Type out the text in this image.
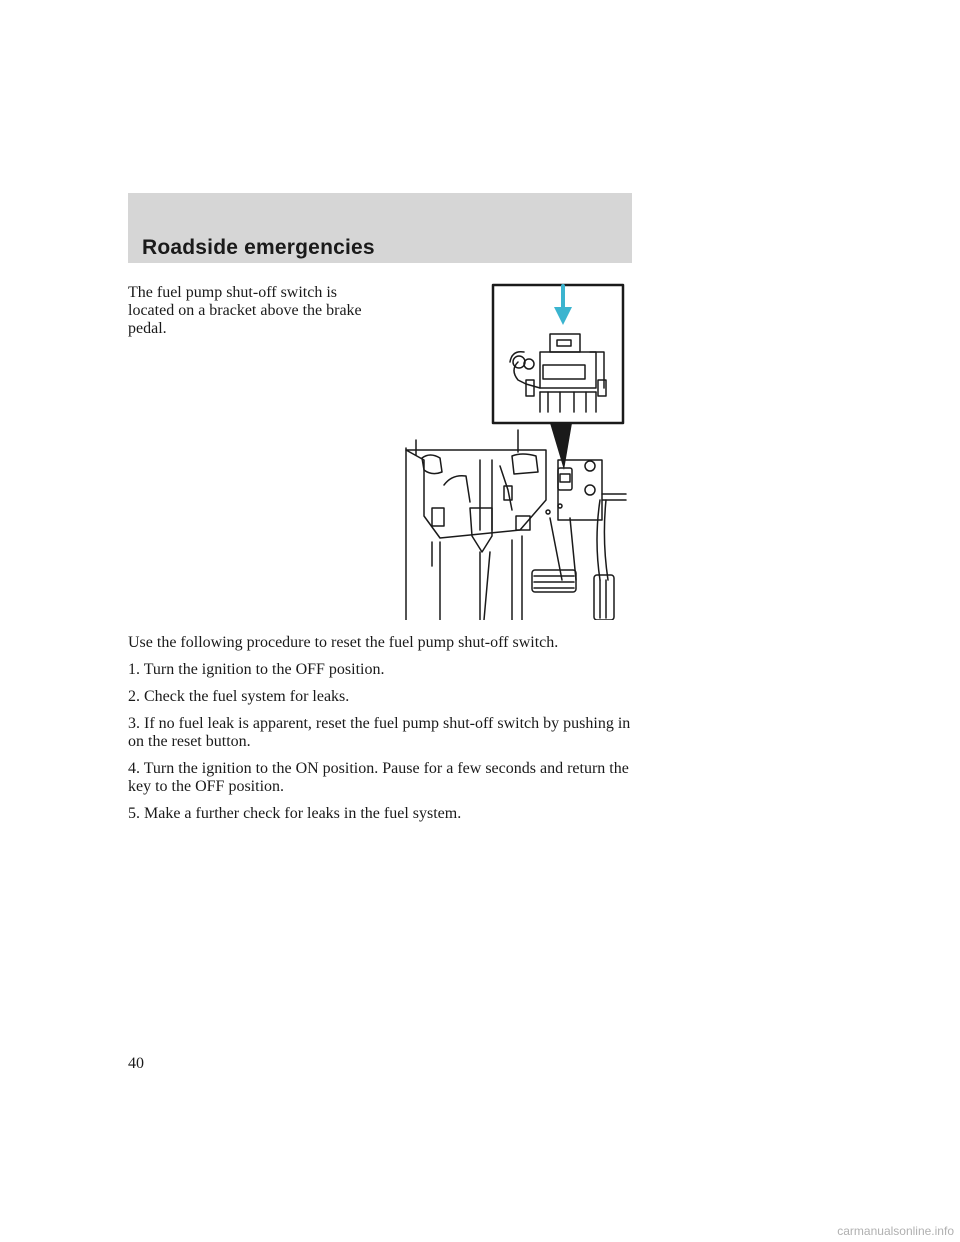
Roadside emergencies
The fuel pump shut-off switch is located on a bracket above the brake pedal.

Use the following procedure to reset the fuel pump shut-off switch.

1. Turn the ignition to the OFF position.

2. Check the fuel system for leaks.

3. If no fuel leak is apparent, reset the fuel pump shut-off switch by pushing in on the reset button.

4. Turn the ignition to the ON position. Pause for a few seconds and return the key to the OFF position.

5. Make a further check for leaks in the fuel system.

40
carmanualsonline.info
